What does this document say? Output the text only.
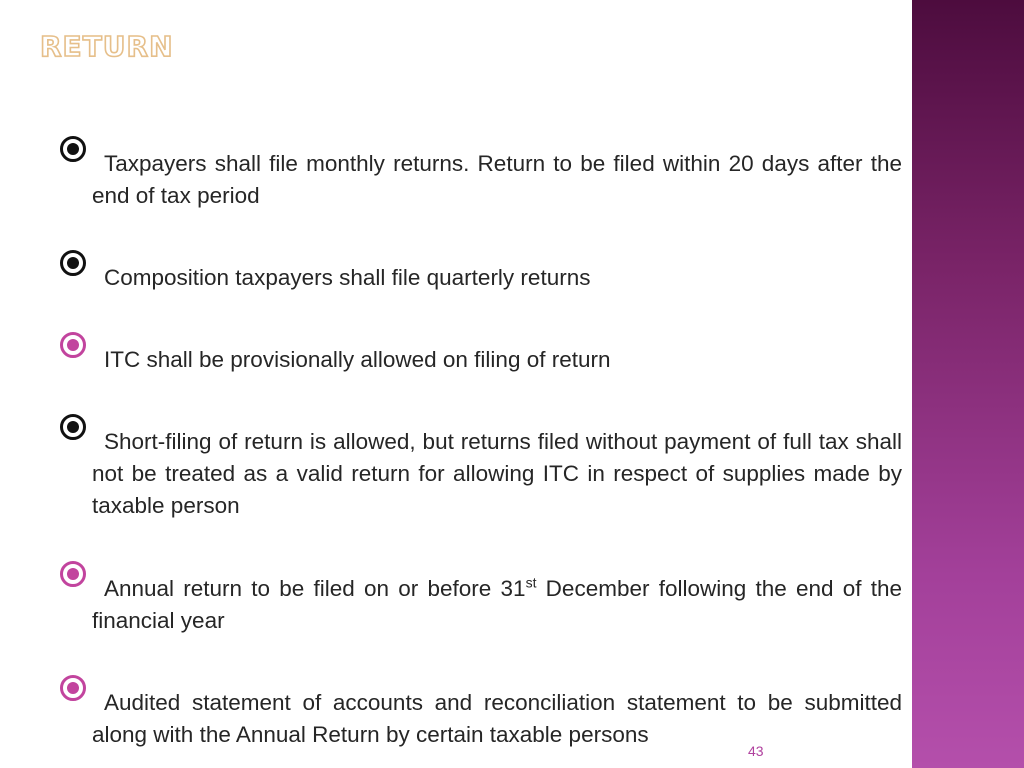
RETURN
Taxpayers shall file monthly returns. Return to be filed within 20 days after the end of tax period
Composition taxpayers shall file quarterly returns
ITC shall be provisionally allowed on filing of return
Short-filing of return is allowed, but returns filed without payment of full tax shall not be treated as a valid return for allowing ITC in respect of supplies made by taxable person
Annual return to be filed on or before 31st December following the end of the financial year
Audited statement of accounts and reconciliation statement to be submitted along with the Annual Return by certain taxable persons
43
